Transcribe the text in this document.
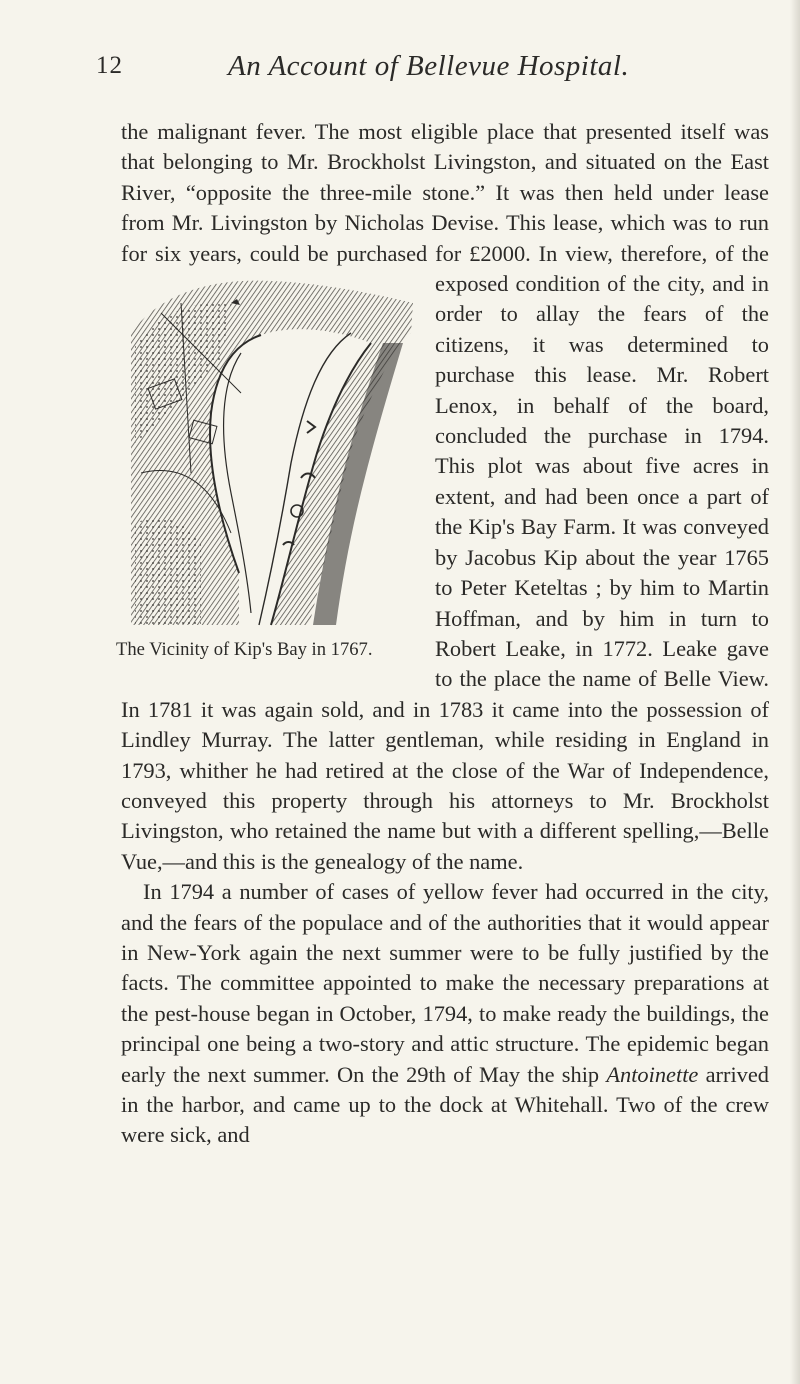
12	An Account of Bellevue Hospital.

the malignant fever. The most eligible place that presented itself was that belonging to Mr. Brockholst Livingston, and situated on the East River, “opposite the three-mile stone.” It was then held under lease from Mr. Livingston by Nicholas Devise. This lease, which was to run for six years, could be purchased for £2000. In view, therefore, of the exposed condition of the
The Vicinity of Kip's Bay in 1767.
city, and in order to allay the fears of the citizens, it was determined to purchase this lease. Mr. Robert Lenox, in behalf of the board, concluded the purchase in 1794. This plot was about five acres in extent, and had been once a part of the Kip's Bay Farm. It was conveyed by Jacobus Kip about the year 1765 to Peter Keteltas ; by him to Martin Hoffman, and by him in turn to Robert Leake, in 1772. Leake gave to the place the name of Belle View. In 1781 it was again sold, and in 1783 it came into the possession of Lindley Murray. The latter gentleman, while residing in England in 1793, whither he had retired at the close of the War of Independence, conveyed this property through his attorneys to Mr. Brockholst Livingston, who retained the name but with a different spelling,—Belle Vue,—and this is the genealogy of the name.

In 1794 a number of cases of yellow fever had occurred in the city, and the fears of the populace and of the authorities that it would appear in New-York again the next summer were to be fully justified by the facts. The committee appointed to make the necessary preparations at the pest-house began in October, 1794, to make ready the buildings, the principal one being a two-story and attic structure. The epidemic began early the next summer. On the 29th of May the ship Antoinette arrived in the harbor, and came up to the dock at Whitehall. Two of the crew were sick, and
